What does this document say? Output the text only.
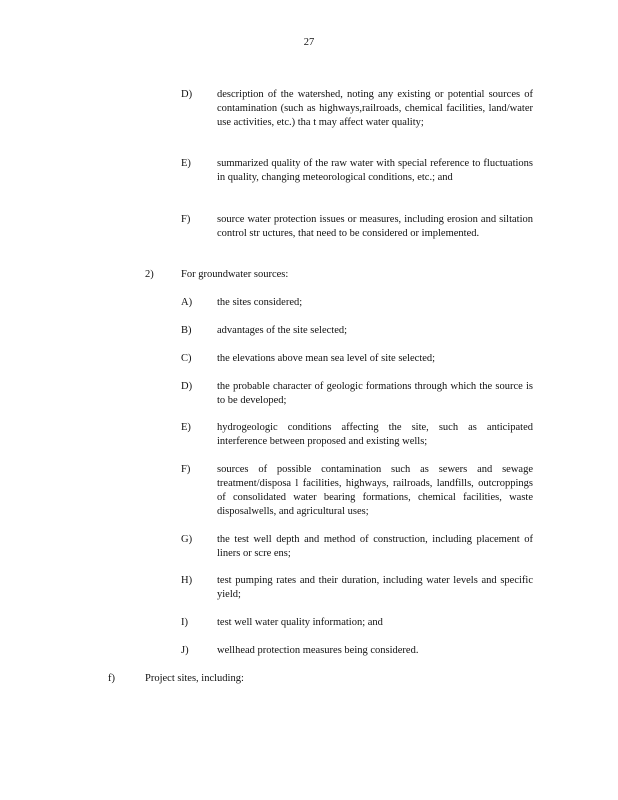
27
D) description of the watershed, noting any existing or potential sources of contamination (such as highways,railroads, chemical facilities, land/water use activities, etc.) tha t may affect water quality;
E) summarized quality of the raw water with special reference to fluctuations in quality, changing meteorological conditions, etc.; and
F)	source water protection issues or measures, including erosion and siltation control str uctures, that need to be considered or implemented.
2)	For groundwater sources:
A) the sites considered;
B) advantages of the site selected;
C) the elevations above mean sea level of site selected;
D) the probable character of geologic formations through which the source is to be developed;
E) hydrogeologic conditions affecting the site, such as anticipated interference between proposed and existing wells;
F)	sources of possible contamination such as sewers and sewage treatment/disposa l facilities, highways, railroads, landfills, outcroppings of consolidated water bearing formations, chemical facilities, waste disposalwells, and agricultural uses;
G) the test well depth and method of construction, including placement of liners or scre ens;
H) test pumping rates and their duration, including water levels and specific yield;
I)	test well water quality information; and
J)	wellhead protection measures being considered.
f)	Project sites, including:
